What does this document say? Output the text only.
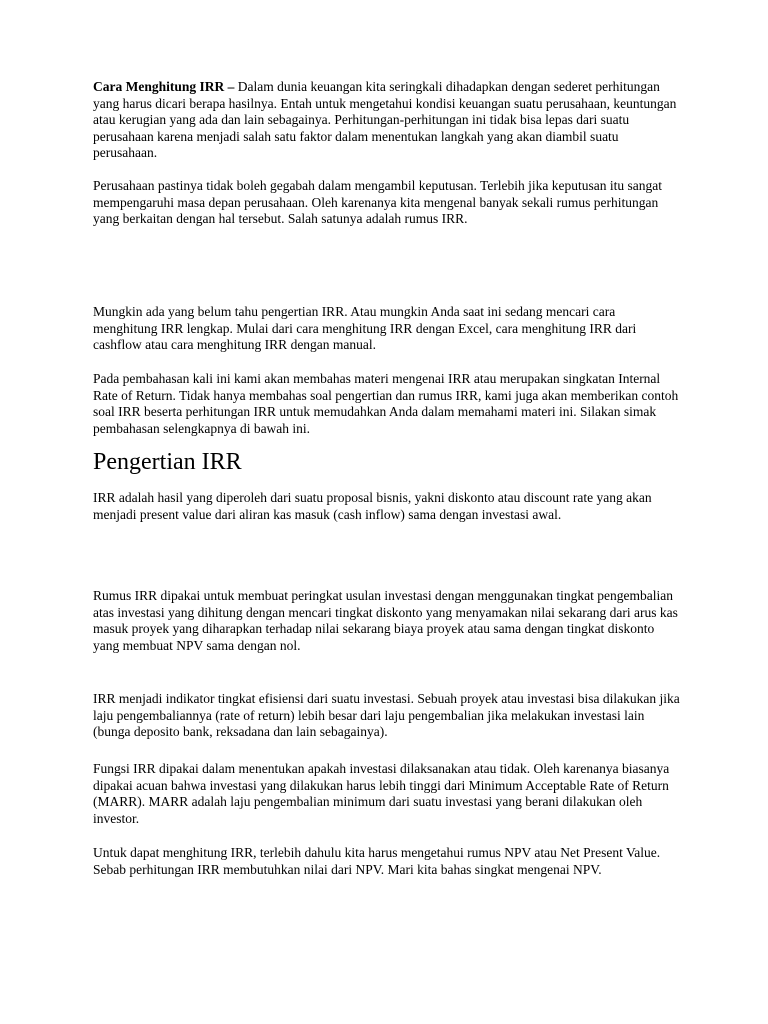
Cara Menghitung IRR – Dalam dunia keuangan kita seringkali dihadapkan dengan sederet perhitungan yang harus dicari berapa hasilnya. Entah untuk mengetahui kondisi keuangan suatu perusahaan, keuntungan atau kerugian yang ada dan lain sebagainya. Perhitungan-perhitungan ini tidak bisa lepas dari suatu perusahaan karena menjadi salah satu faktor dalam menentukan langkah yang akan diambil suatu perusahaan.

Perusahaan pastinya tidak boleh gegabah dalam mengambil keputusan. Terlebih jika keputusan itu sangat mempengaruhi masa depan perusahaan. Oleh karenanya kita mengenal banyak sekali rumus perhitungan yang berkaitan dengan hal tersebut. Salah satunya adalah rumus IRR.

Mungkin ada yang belum tahu pengertian IRR. Atau mungkin Anda saat ini sedang mencari cara menghitung IRR lengkap. Mulai dari cara menghitung IRR dengan Excel, cara menghitung IRR dari cashflow atau cara menghitung IRR dengan manual.

Pada pembahasan kali ini kami akan membahas materi mengenai IRR atau merupakan singkatan Internal Rate of Return. Tidak hanya membahas soal pengertian dan rumus IRR, kami juga akan memberikan contoh soal IRR beserta perhitungan IRR untuk memudahkan Anda dalam memahami materi ini. Silakan simak pembahasan selengkapnya di bawah ini.

Pengertian IRR

IRR adalah hasil yang diperoleh dari suatu proposal bisnis, yakni diskonto atau discount rate yang akan menjadi present value dari aliran kas masuk (cash inflow) sama dengan investasi awal.

Rumus IRR dipakai untuk membuat peringkat usulan investasi dengan menggunakan tingkat pengembalian atas investasi yang dihitung dengan mencari tingkat diskonto yang menyamakan nilai sekarang dari arus kas masuk proyek yang diharapkan terhadap nilai sekarang biaya proyek atau sama dengan tingkat diskonto yang membuat NPV sama dengan nol.

IRR menjadi indikator tingkat efisiensi dari suatu investasi. Sebuah proyek atau investasi bisa dilakukan jika laju pengembaliannya (rate of return) lebih besar dari laju pengembalian jika melakukan investasi lain (bunga deposito bank, reksadana dan lain sebagainya).

Fungsi IRR dipakai dalam menentukan apakah investasi dilaksanakan atau tidak. Oleh karenanya biasanya dipakai acuan bahwa investasi yang dilakukan harus lebih tinggi dari Minimum Acceptable Rate of Return (MARR). MARR adalah laju pengembalian minimum dari suatu investasi yang berani dilakukan oleh investor.

Untuk dapat menghitung IRR, terlebih dahulu kita harus mengetahui rumus NPV atau Net Present Value. Sebab perhitungan IRR membutuhkan nilai dari NPV. Mari kita bahas singkat mengenai NPV.
